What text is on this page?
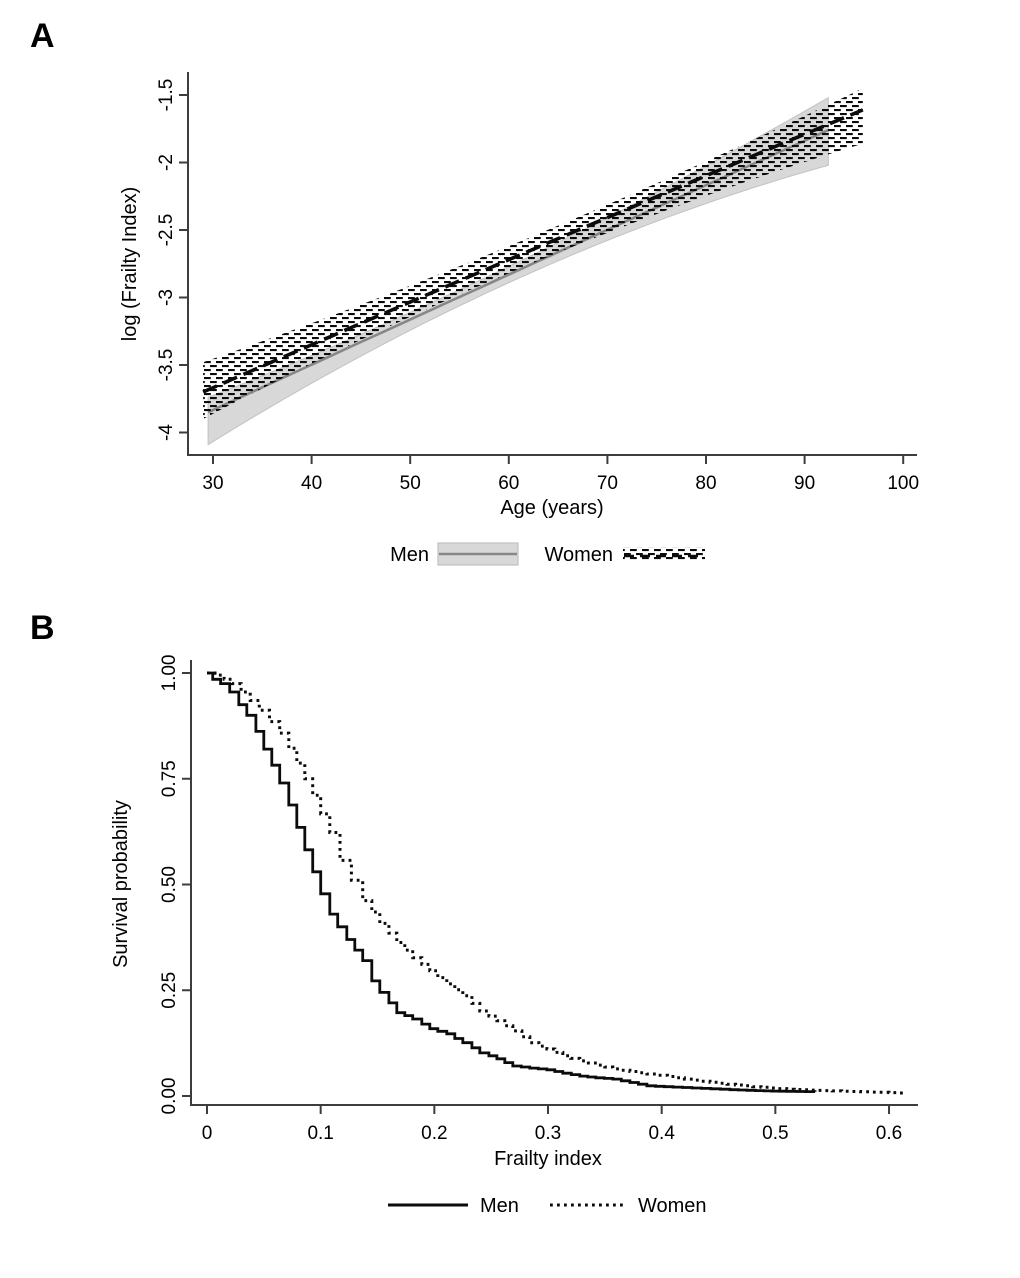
30	40	50	60	70	80	90	100
-1.5
-2
-2.5
-3
-3.5
-4
0	0.1	0.2	0.3	0.4	0.5	0.6
1.00
0.75
0.50
0.25
0.00
A
B
Age (years)
log (Frailty Index)
Frailty index
Survival probability
Men	Women
Men	Women
